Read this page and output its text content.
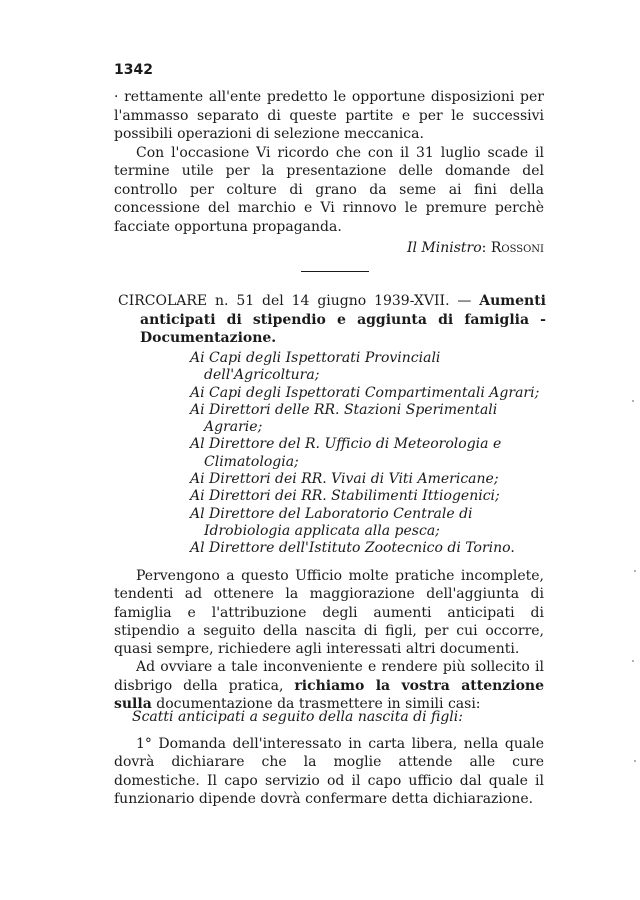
1342

· rettamente all'ente predetto le opportune disposizioni per l'ammasso separato di queste partite e per le successivi possibili operazioni di selezione meccanica.

Con l'occasione Vi ricordo che con il 31 luglio scade il termine utile per la presentazione delle domande del controllo per colture di grano da seme ai fini della concessione del marchio e Vi rinnovo le premure perchè facciate opportuna propaganda.

Il Ministro: Rossoni
CIRCOLARE n. 51 del 14 giugno 1939-XVII. — Aumenti anticipati di stipendio e aggiunta di famiglia - Documentazione.
Ai Capi degli Ispettorati Provinciali dell'Agricoltura;
Ai Capi degli Ispettorati Compartimentali Agrari;
Ai Direttori delle RR. Stazioni Sperimentali Agrarie;
Al Direttore del R. Ufficio di Meteorologia e Climatologia;
Ai Direttori dei RR. Vivai di Viti Americane;
Ai Direttori dei RR. Stabilimenti Ittiogenici;
Al Direttore del Laboratorio Centrale di Idrobiologia applicata alla pesca;
Al Direttore dell'Istituto Zootecnico di Torino.

Pervengono a questo Ufficio molte pratiche incomplete, tendenti ad ottenere la maggiorazione dell'aggiunta di famiglia e l'attribuzione degli aumenti anticipati di stipendio a seguito della nascita di figli, per cui occorre, quasi sempre, richiedere agli interessati altri documenti.

Ad ovviare a tale inconveniente e rendere più sollecito il disbrigo della pratica, richiamo la vostra attenzione sulla documentazione da trasmettere in simili casi:

Scatti anticipati a seguito della nascita di figli:

1° Domanda dell'interessato in carta libera, nella quale dovrà dichiarare che la moglie attende alle cure domestiche. Il capo servizio od il capo ufficio dal quale il funzionario dipende dovrà confermare detta dichiarazione.
